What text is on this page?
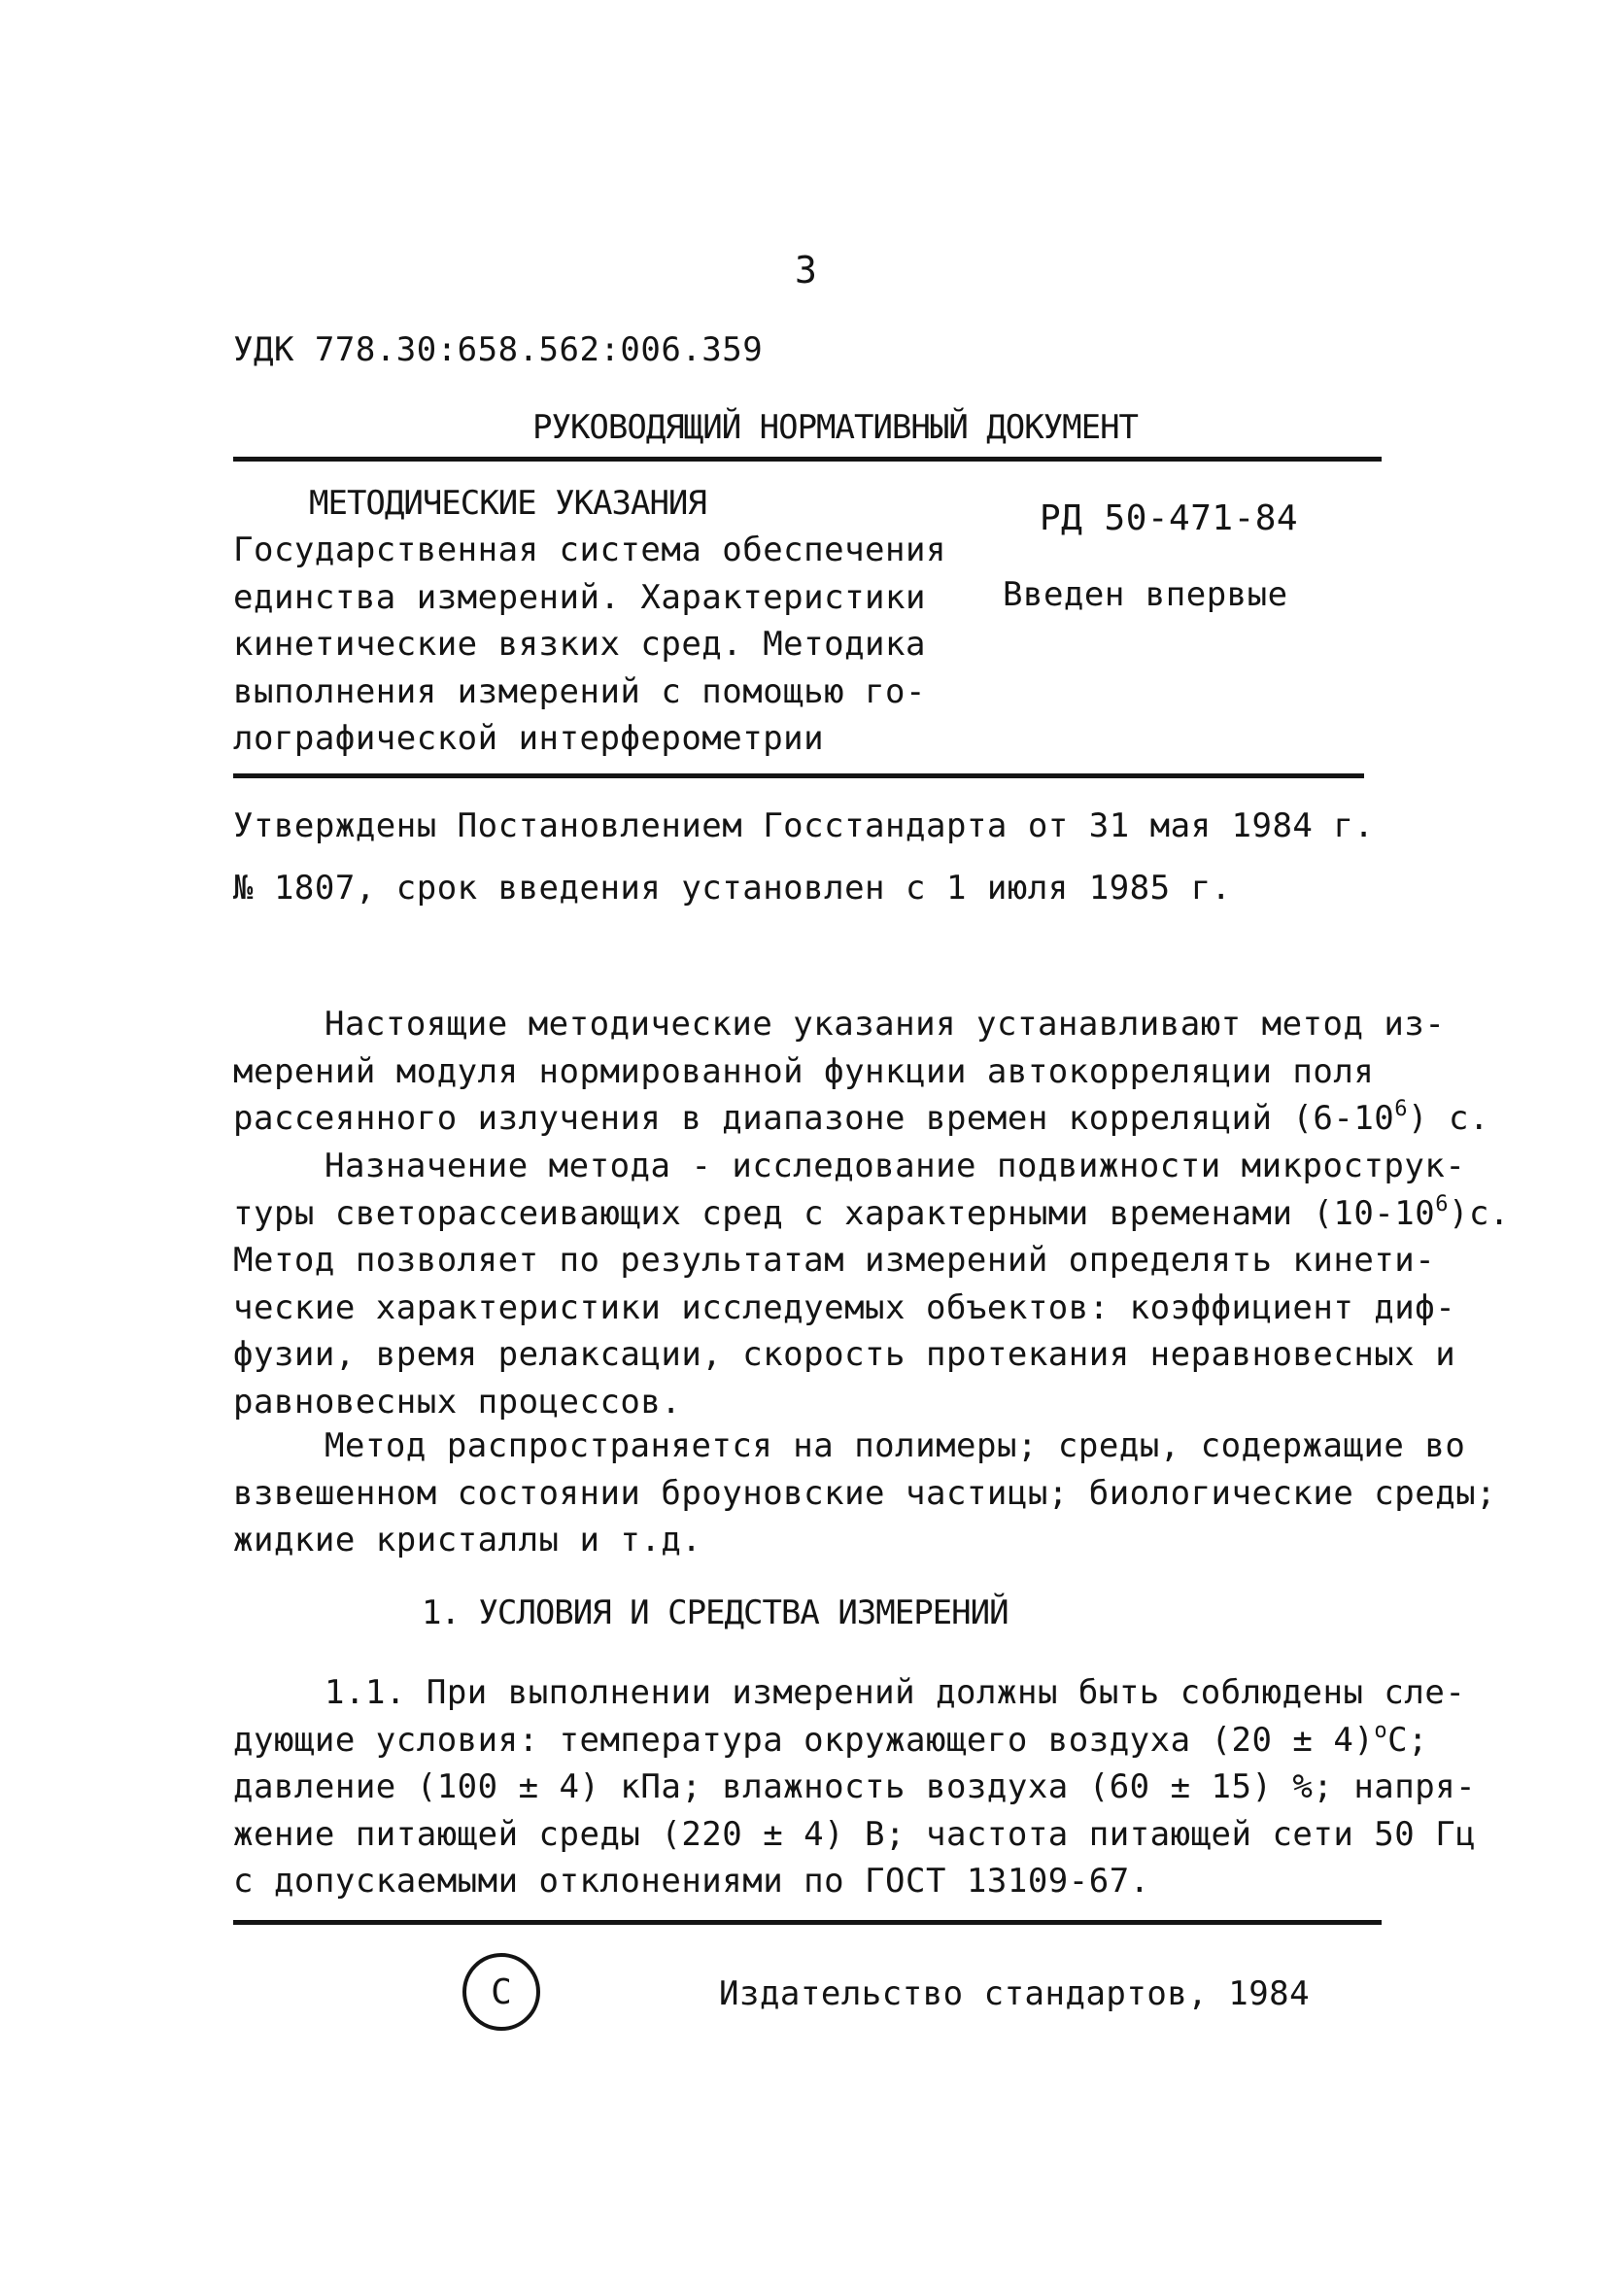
3
УДК 778.30:658.562:006.359
РУКОВОДЯЩИЙ НОРМАТИВНЫЙ ДОКУМЕНТ
МЕТОДИЧЕСКИЕ УКАЗАНИЯ
Государственная система обеспечения
единства измерений. Характеристики
кинетические вязких сред. Методика
выполнения измерений с помощью го-
лографической интерферометрии
РД 50-471-84
Введен впервые
Утверждены Постановлением Госстандарта от 31 мая 1984 г.
№ 1807, срок введения установлен с 1 июля 1985 г.
Настоящие методические указания устанавливают метод из-
мерений модуля нормированной функции автокорреляции поля
рассеянного излучения в диапазоне времен корреляций $(6-10^6)$ с.
Назначение метода - исследование подвижности микрострук-
туры светорассеивающих сред с характерными временами $(10-10^6)с$.
Метод позволяет по результатам измерений определять кинети-
ческие характеристики исследуемых объектов: коэффициент диф-
фузии, время релаксации, скорость протекания неравновесных и
равновесных процессов.
Метод распространяется на полимеры; среды, содержащие во
взвешенном состоянии броуновские частицы; биологические среды;
жидкие кристаллы и т.д.
1. УСЛОВИЯ И СРЕДСТВА ИЗМЕРЕНИЙ
1.1. При выполнении измерений должны быть соблюдены сле-
дующие условия: температура окружающего воздуха $(20 \pm 4)^оС$;
давление (100 ± 4) кПа; влажность воздуха (60 ± 15) %; напря-
жение питающей среды (220 ± 4) В; частота питающей сети 50 Гц
с допускаемыми отклонениями по ГОСТ 13109-67.
С	Издательство стандартов, 1984
